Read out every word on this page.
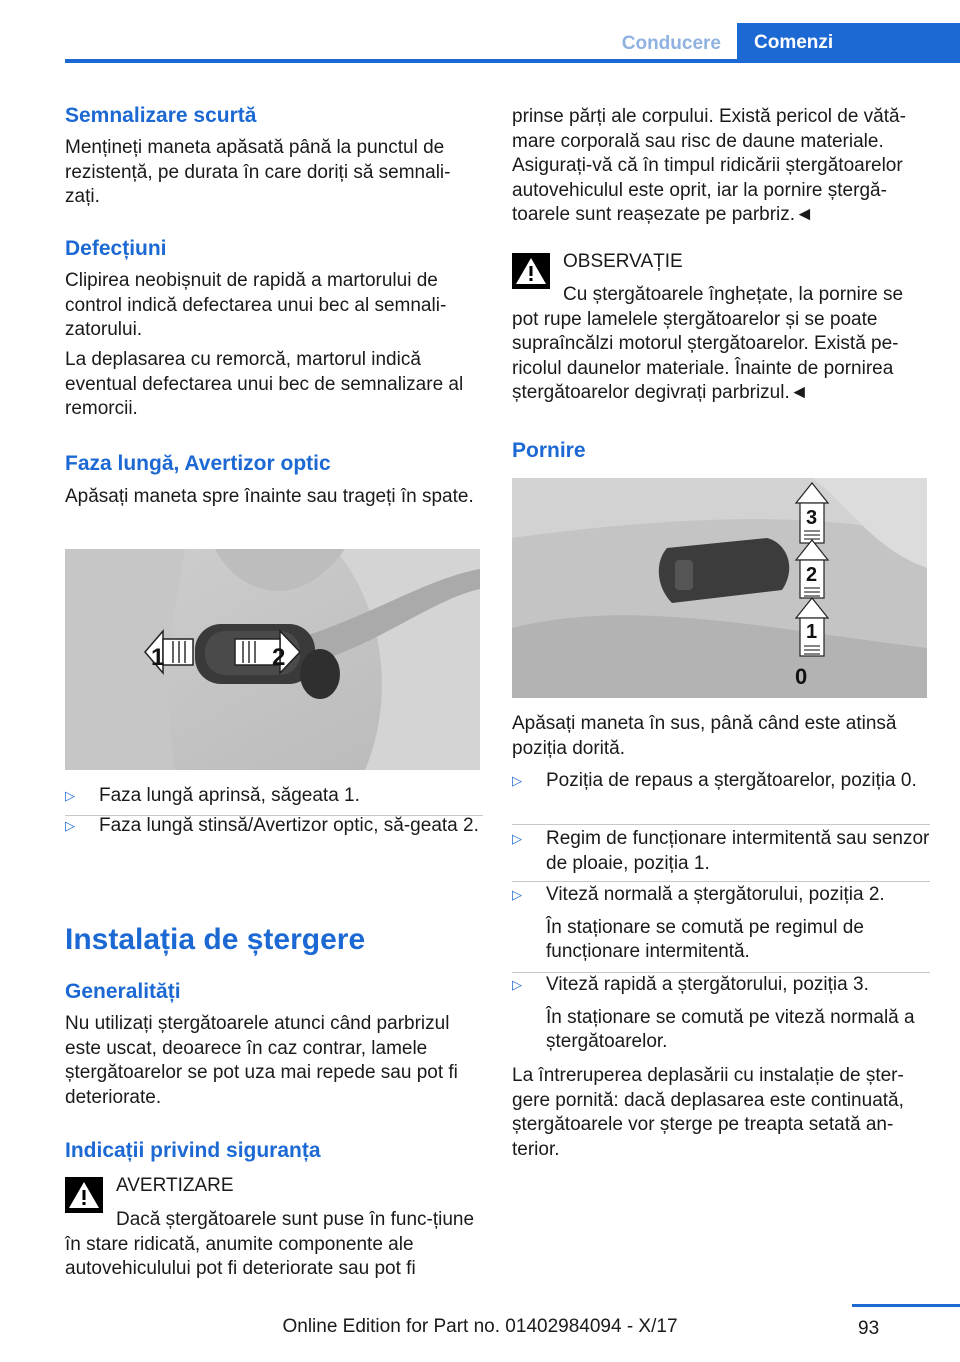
Conducere	Comenzi
Semnalizare scurtă
Mențineți maneta apăsată până la punctul de rezistență, pe durata în care doriți să semnali-zați.
Defecțiuni
Clipirea neobișnuit de rapidă a martorului de control indică defectarea unui bec al semnali-zatorului.
La deplasarea cu remorcă, martorul indică eventual defectarea unui bec de semnalizare al remorcii.
Faza lungă, Avertizor optic
Apăsați maneta spre înainte sau trageți în spate.
1	2
▷ Faza lungă aprinsă, săgeata 1.
▷ Faza lungă stinsă/Avertizor optic, să-geata 2.
Instalația de ștergere
Generalități
Nu utilizați ștergătoarele atunci când parbrizul este uscat, deoarece în caz contrar, lamele ștergătoarelor se pot uza mai repede sau pot fi deteriorate.
Indicații privind siguranța
AVERTIZARE
Dacă ștergătoarele sunt puse în func-țiune în stare ridicată, anumite componente ale autovehiculului pot fi deteriorate sau pot fi
prinse părți ale corpului. Există pericol de vătă-mare corporală sau risc de daune materiale. Asigurați-vă că în timpul ridicării ștergătoarelor autovehiculul este oprit, iar la pornire ștergă-toarele sunt reașezate pe parbriz.◄
OBSERVAȚIE
Cu ștergătoarele înghețate, la pornire se pot rupe lamelele ștergătoarelor și se poate supraîncălzi motorul ștergătoarelor. Există pe-ricolul daunelor materiale. Înainte de pornirea ștergătoarelor degivrați parbrizul.◄
Pornire
3
2
1
0
Apăsați maneta în sus, până când este atinsă poziția dorită.
▷ Poziția de repaus a ștergătoarelor, poziția 0.
▷ Regim de funcționare intermitentă sau senzor de ploaie, poziția 1.
▷ Viteză normală a ștergătorului, poziția 2.
În staționare se comută pe regimul de funcționare intermitentă.
▷ Viteză rapidă a ștergătorului, poziția 3.
În staționare se comută pe viteză normală a ștergătoarelor.
La întreruperea deplasării cu instalație de șter-gere pornită: dacă deplasarea este continuată, ștergătoarele vor șterge pe treapta setată an-terior.
93
Online Edition for Part no. 01402984094 - X/17
